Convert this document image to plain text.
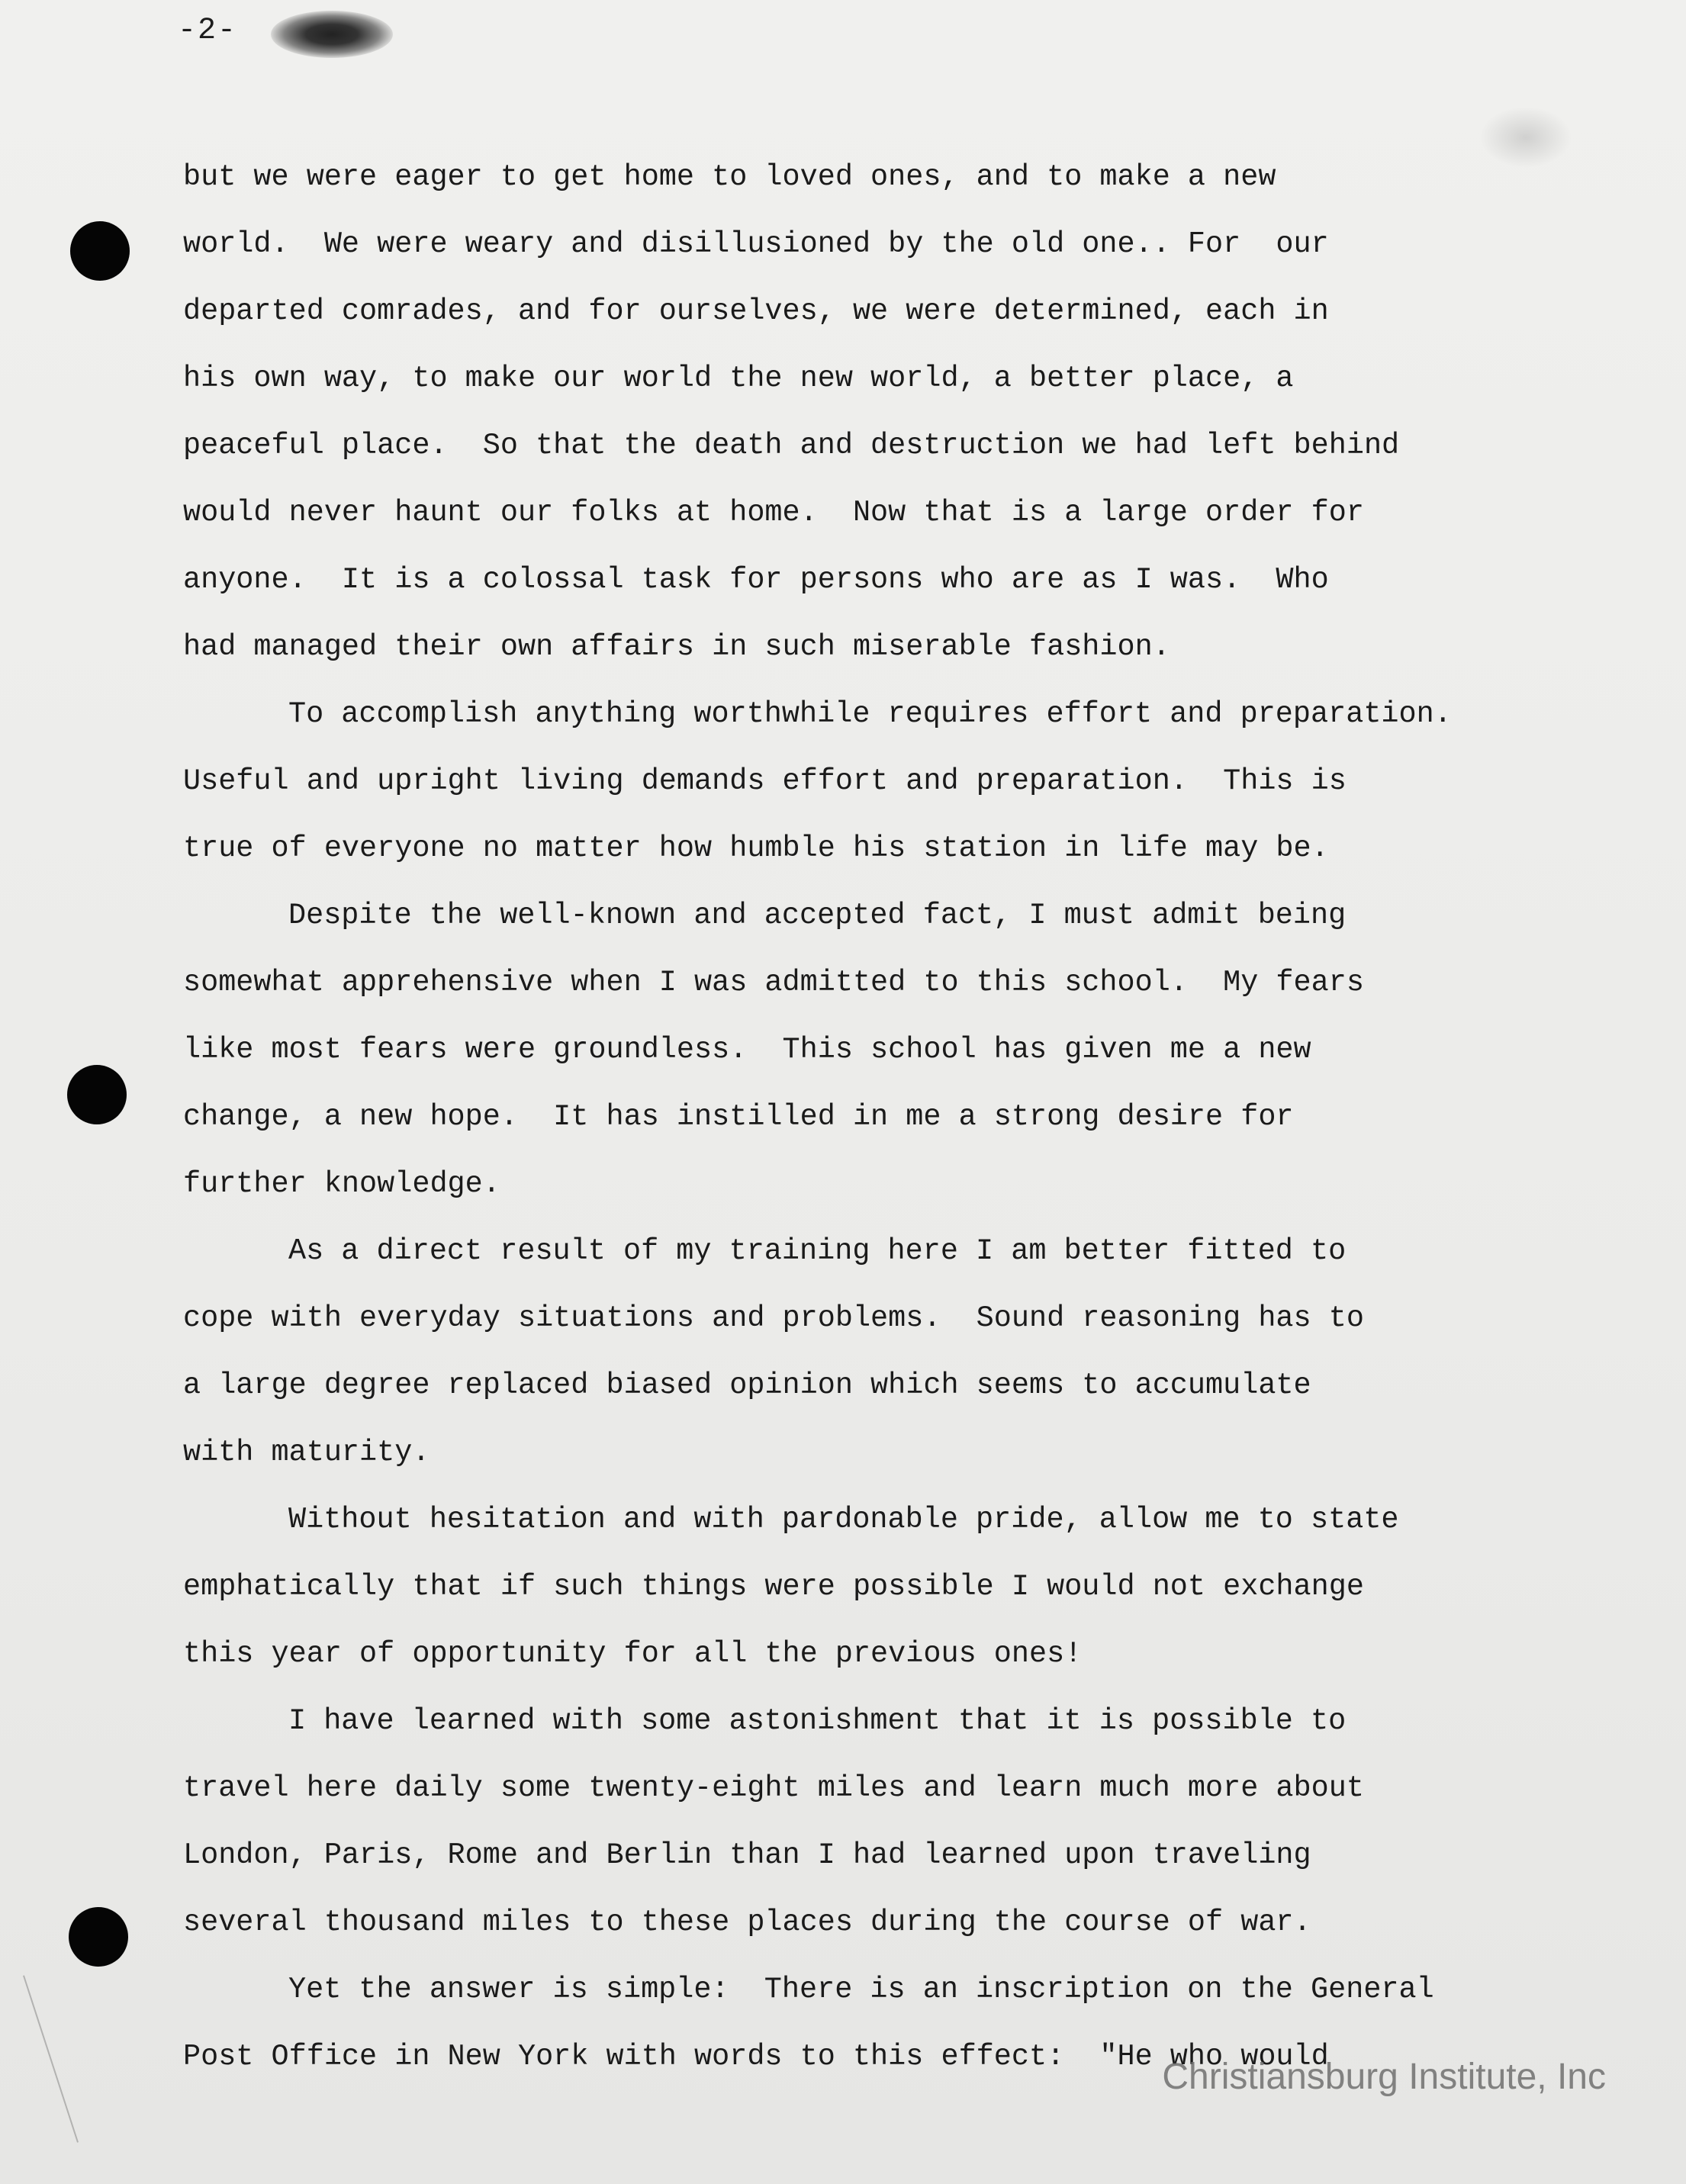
-2-

but we were eager to get home to loved ones, and to make a new

world.  We were weary and disillusioned by the old one.. For  our

departed comrades, and for ourselves, we were determined, each in

his own way, to make our world the new world, a better place, a

peaceful place.  So that the death and destruction we had left behind

would never haunt our folks at home.  Now that is a large order for

anyone.  It is a colossal task for persons who are as I was.  Who

had managed their own affairs in such miserable fashion.

To accomplish anything worthwhile requires effort and preparation.

Useful and upright living demands effort and preparation.  This is

true of everyone no matter how humble his station in life may be.

Despite the well-known and accepted fact, I must admit being

somewhat apprehensive when I was admitted to this school.  My fears

like most fears were groundless.  This school has given me a new

change, a new hope.  It has instilled in me a strong desire for

further knowledge.

As a direct result of my training here I am better fitted to

cope with everyday situations and problems.  Sound reasoning has to

a large degree replaced biased opinion which seems to accumulate

with maturity.

Without hesitation and with pardonable pride, allow me to state

emphatically that if such things were possible I would not exchange

this year of opportunity for all the previous ones!

I have learned with some astonishment that it is possible to

travel here daily some twenty-eight miles and learn much more about

London, Paris, Rome and Berlin than I had learned upon traveling

several thousand miles to these places during the course of war.

Yet the answer is simple:  There is an inscription on the General

Post Office in New York with words to this effect:  "He who would

Christiansburg Institute, Inc
